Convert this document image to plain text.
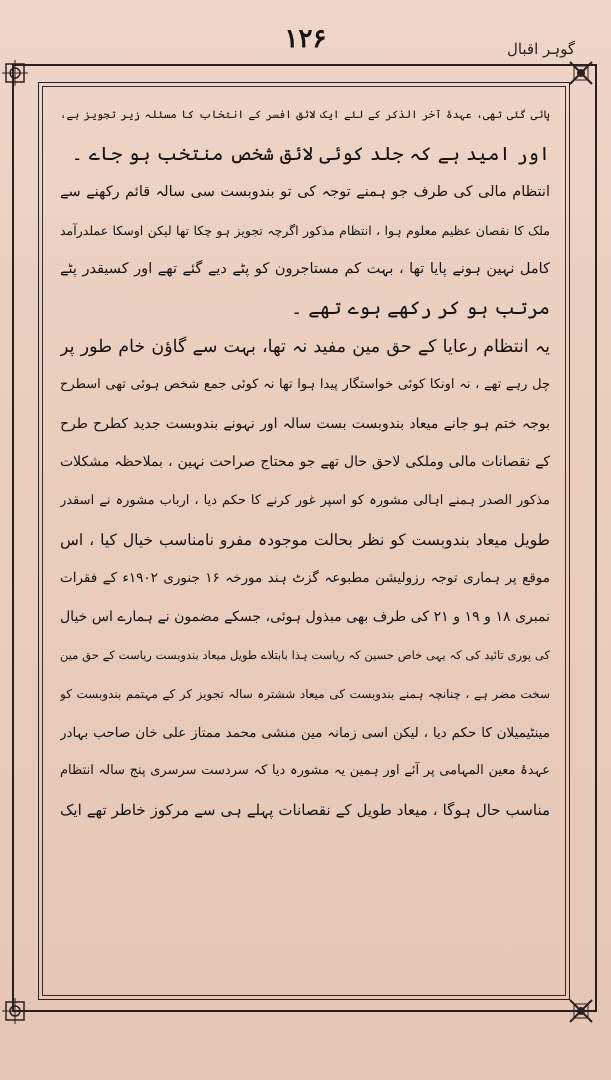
۱۲۶	گوہر اقبال
پائی گئی تھی، عہدۂ آخر الذکر کے لئے ایک لائق افسر کے انتخاب کا مسئلہ زیر تجویز ہے،
اور امید ہے کہ جلد کوئی لائق شخص منتخب ہو جاے ۔
انتظام مالی کی طرف جو ہمنے توجہ کی تو بندوبست سی سالہ قائم رکھنے سے
ملک کا نقصان عظیم معلوم ہوا ، انتظام مذکور اگرچہ تجویز ہو چکا تھا لیکن اوسکا عملدرآمد
کامل نہین ہونے پایا تھا ، بہت کم مستاجرون کو پٹے دیے گئے تھے اور کسیقدر پٹے
مرتب ہو کر رکھے ہوے تھے ۔
یہ انتظام رعایا کے حق مین مفید نہ تھا، بہت سے گاؤن خام طور پر
چل رہے تھے ، نہ اونکا کوئی خواستگار پیدا ہوا تھا نہ کوئی جمع شخص ہوئی تھی اسطرح
بوجہ ختم ہو جانے میعاد بندوبست بست سالہ اور نہونے بندوبست جدید کطرح طرح
کے نقصانات مالی وملکی لاحق حال تھے جو محتاج صراحت نہین ، بملاحظہ مشکلات
مذکور الصدر ہمنے اہالی مشورہ کو اسپر غور کرنے کا حکم دیا ، ارباب مشورہ نے اسقدر
طویل میعاد بندوبست کو نظر بحالت موجودہ مفرو نامناسب خیال کیا ، اس
موقع پر ہماری توجہ رزولیشن مطبوعہ گزٹ ہند مورخہ ۱۶ جنوری ۱۹۰۲ء کے فقرات
نمبری ۱۸ و ۱۹ و ۲۱ کی طرف بھی مبذول ہوئی، جسکے مضمون نے ہمارے اس خیال
کی پوری تائید کی کہ یہی خاص حسین کہ ریاست ہذا بابتلاے طویل میعاد بندوبست ریاست کے حق مین
سخت مضر ہے ، چنانچہ ہمنے بندوبست کی میعاد ششترہ سالہ تجویز کر کے مہتمم بندوبست کو
مینٹیمیلان کا حکم دیا ، لیکن اسی زمانہ مین منشی محمد ممتاز علی خان صاحب بہادر
عہدۂ معین المہامی پر آئے اور ہمین یہ مشورہ دیا کہ سردست سرسری پنج سالہ انتظام
مناسب حال ہوگا ، میعاد طویل کے نقصانات پہلے ہی سے مرکوز خاطر تھے ایک
